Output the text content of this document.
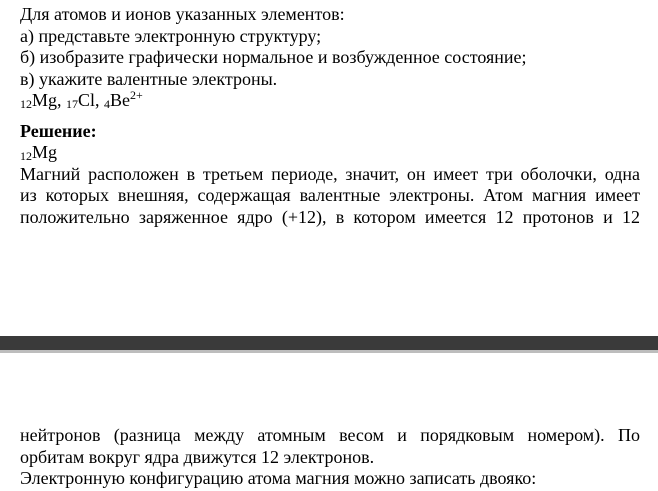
Для атомов и ионов указанных элементов:
а) представьте электронную структуру;
б) изобразите графически нормальное и возбужденное состояние;
в) укажите валентные электроны.
$_{12}$Mg, $_{17}$Cl, $_4Be^{2+}$
Решение:
$_{12}$Mg
Магний расположен в третьем периоде, значит, он имеет три оболочки, одна
из которых внешняя, содержащая валентные электроны. Атом магния имеет
положительно заряженное ядро (+12), в котором имеется 12 протонов и 12
нейтронов (разница между атомным весом и порядковым номером). По
орбитам вокруг ядра движутся 12 электронов.
Электронную конфигурацию атома магния можно записать двояко:
